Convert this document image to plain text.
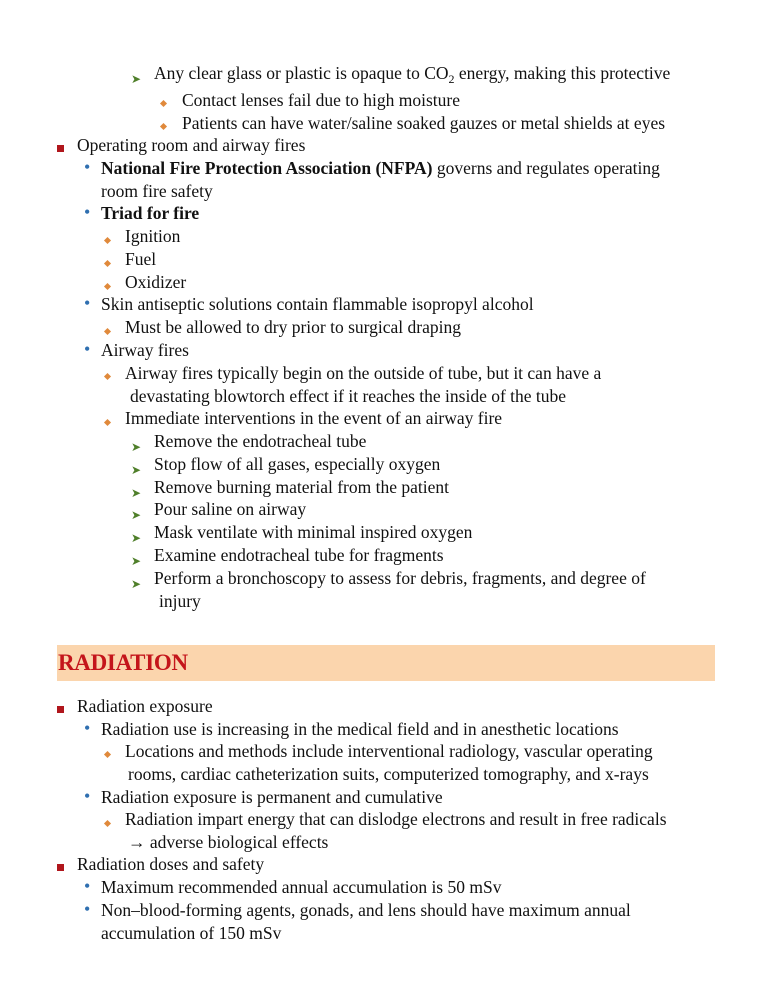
➤ Any clear glass or plastic is opaque to $CO_2$ energy, making this protective
Contact lenses fail due to high moisture
Patients can have water/saline soaked gauzes or metal shields at eyes
Operating room and airway fires
• National Fire Protection Association (NFPA) governs and regulates operating
room fire safety
• Triad for fire
Ignition
Fuel
Oxidizer
• Skin antiseptic solutions contain flammable isopropyl alcohol
Must be allowed to dry prior to surgical draping
• Airway fires
Airway fires typically begin on the outside of tube, but it can have a
devastating blowtorch effect if it reaches the inside of the tube
Immediate interventions in the event of an airway fire
➤ Remove the endotracheal tube
➤ Stop flow of all gases, especially oxygen
➤ Remove burning material from the patient
➤ Pour saline on airway
➤ Mask ventilate with minimal inspired oxygen
➤ Examine endotracheal tube for fragments
➤ Perform a bronchoscopy to assess for debris, fragments, and degree of
injury
RADIATION
Radiation exposure
• Radiation use is increasing in the medical field and in anesthetic locations
Locations and methods include interventional radiology, vascular operating
rooms, cardiac catheterization suits, computerized tomography, and x-rays
• Radiation exposure is permanent and cumulative
Radiation impart energy that can dislodge electrons and result in free radicals
→ adverse biological effects
Radiation doses and safety
• Maximum recommended annual accumulation is 50 mSv
• Non–blood-forming agents, gonads, and lens should have maximum annual
accumulation of 150 mSv
